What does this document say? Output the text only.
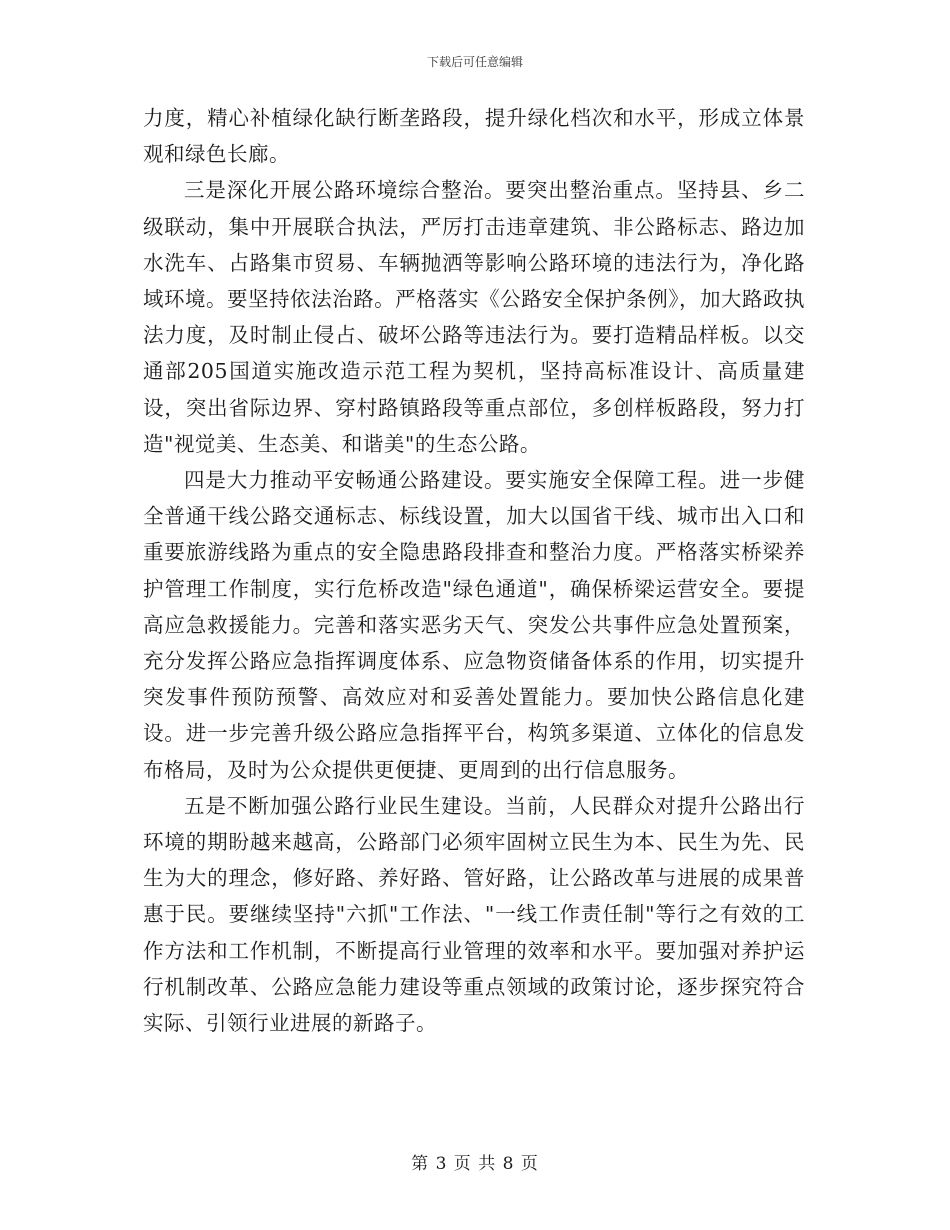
下载后可任意编辑

力度，精心补植绿化缺行断垄路段，提升绿化档次和水平，形成立体景观和绿色长廊。

三是深化开展公路环境综合整治。要突出整治重点。坚持县、乡二级联动，集中开展联合执法，严厉打击违章建筑、非公路标志、路边加水洗车、占路集市贸易、车辆抛洒等影响公路环境的违法行为，净化路域环境。要坚持依法治路。严格落实《公路安全保护条例》，加大路政执法力度，及时制止侵占、破坏公路等违法行为。要打造精品样板。以交通部205国道实施改造示范工程为契机，坚持高标准设计、高质量建设，突出省际边界、穿村路镇路段等重点部位，多创样板路段，努力打造"视觉美、生态美、和谐美"的生态公路。

四是大力推动平安畅通公路建设。要实施安全保障工程。进一步健全普通干线公路交通标志、标线设置，加大以国省干线、城市出入口和重要旅游线路为重点的安全隐患路段排查和整治力度。严格落实桥梁养护管理工作制度，实行危桥改造"绿色通道"，确保桥梁运营安全。要提高应急救援能力。完善和落实恶劣天气、突发公共事件应急处置预案，充分发挥公路应急指挥调度体系、应急物资储备体系的作用，切实提升突发事件预防预警、高效应对和妥善处置能力。要加快公路信息化建设。进一步完善升级公路应急指挥平台，构筑多渠道、立体化的信息发布格局，及时为公众提供更便捷、更周到的出行信息服务。

五是不断加强公路行业民生建设。当前，人民群众对提升公路出行环境的期盼越来越高，公路部门必须牢固树立民生为本、民生为先、民生为大的理念，修好路、养好路、管好路，让公路改革与进展的成果普惠于民。要继续坚持"六抓"工作法、"一线工作责任制"等行之有效的工作方法和工作机制，不断提高行业管理的效率和水平。要加强对养护运行机制改革、公路应急能力建设等重点领域的政策讨论，逐步探究符合实际、引领行业进展的新路子。

第 3 页 共 8 页
